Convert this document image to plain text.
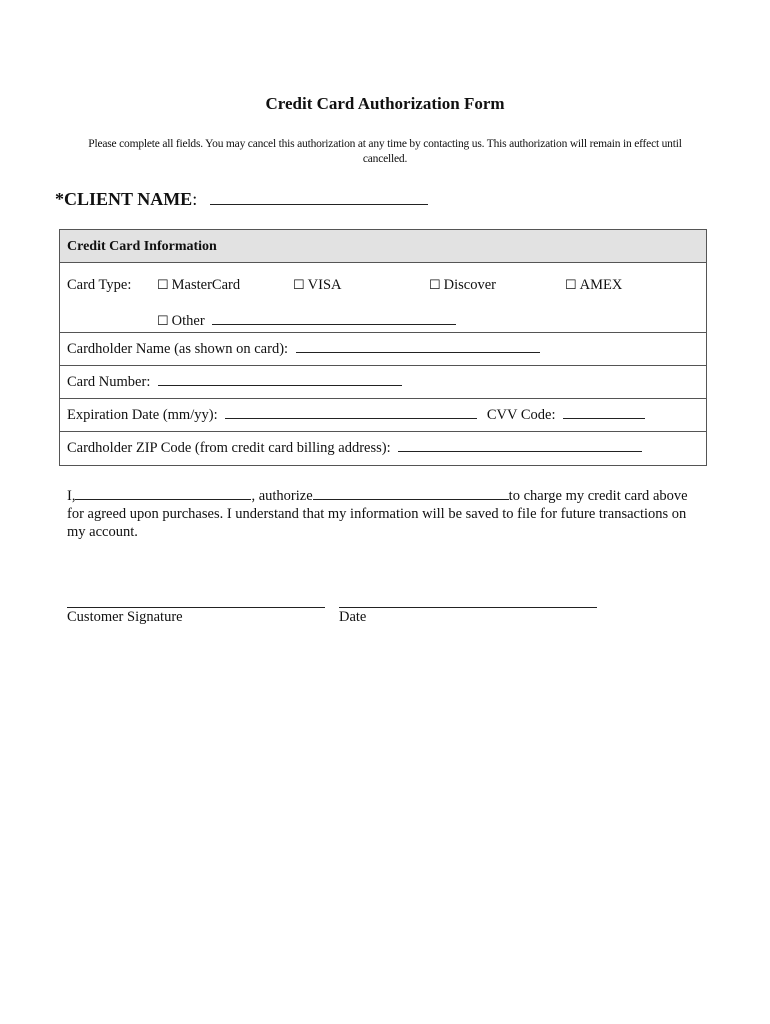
Credit Card Authorization Form
Please complete all fields. You may cancel this authorization at any time by contacting us. This authorization will remain in effect until cancelled.
*CLIENT NAME:
Credit Card Information
Card Type: ☐ MasterCard	☐ VISA	☐ Discover	☐ AMEX
☐ Other
Cardholder Name (as shown on card):
Card Number:
Expiration Date (mm/yy):	CVV Code:
Cardholder ZIP Code (from credit card billing address):
I,	, authorize	to charge my credit card above for agreed upon purchases. I understand that my information will be saved to file for future transactions on my account.
Customer Signature	Date
